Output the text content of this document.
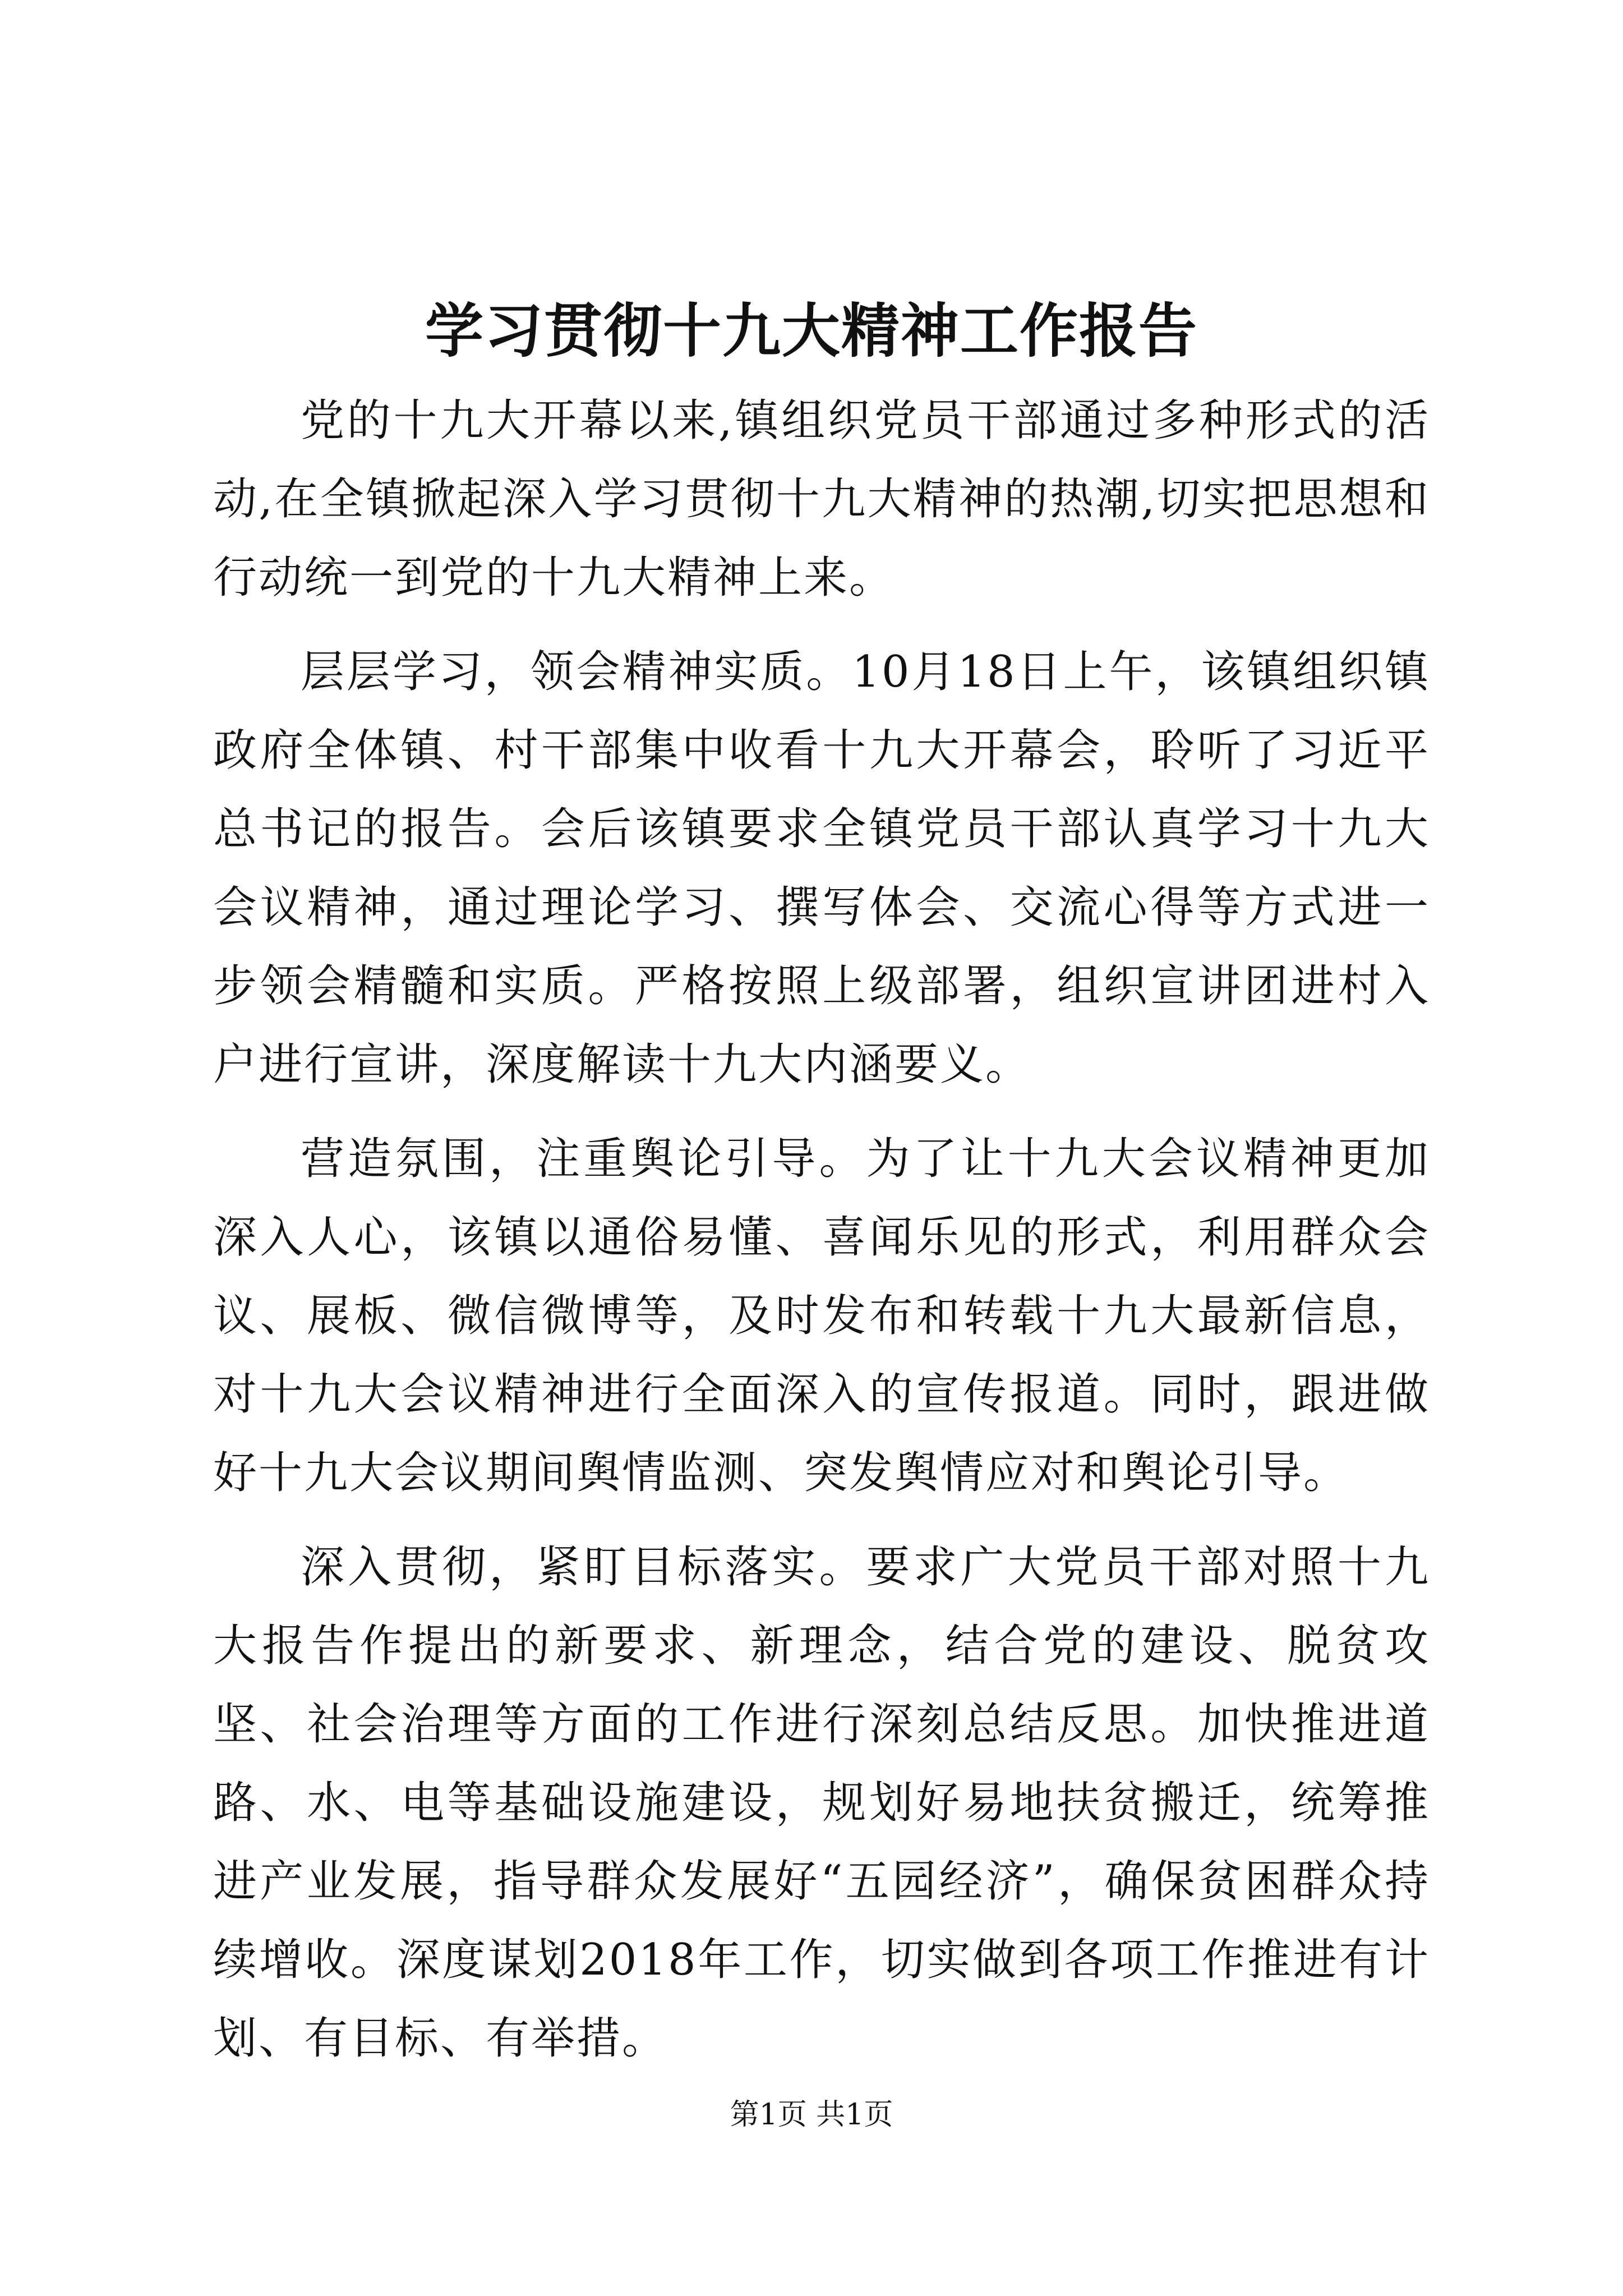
学习贯彻十九大精神工作报告

党的十九大开幕以来,镇组织党员干部通过多种形式的活动,在全镇掀起深入学习贯彻十九大精神的热潮,切实把思想和行动统一到党的十九大精神上来。

层层学习，领会精神实质。10月18日上午，该镇组织镇政府全体镇、村干部集中收看十九大开幕会，聆听了习近平总书记的报告。会后该镇要求全镇党员干部认真学习十九大会议精神，通过理论学习、撰写体会、交流心得等方式进一步领会精髓和实质。严格按照上级部署，组织宣讲团进村入户进行宣讲，深度解读十九大内涵要义。

营造氛围，注重舆论引导。为了让十九大会议精神更加深入人心，该镇以通俗易懂、喜闻乐见的形式，利用群众会议、展板、微信微博等，及时发布和转载十九大最新信息，对十九大会议精神进行全面深入的宣传报道。同时，跟进做好十九大会议期间舆情监测、突发舆情应对和舆论引导。

深入贯彻，紧盯目标落实。要求广大党员干部对照十九大报告作提出的新要求、新理念，结合党的建设、脱贫攻坚、社会治理等方面的工作进行深刻总结反思。加快推进道路、水、电等基础设施建设，规划好易地扶贫搬迁，统筹推进产业发展，指导群众发展好“五园经济”，确保贫困群众持续增收。深度谋划2018年工作，切实做到各项工作推进有计划、有目标、有举措。

第1页 共1页
